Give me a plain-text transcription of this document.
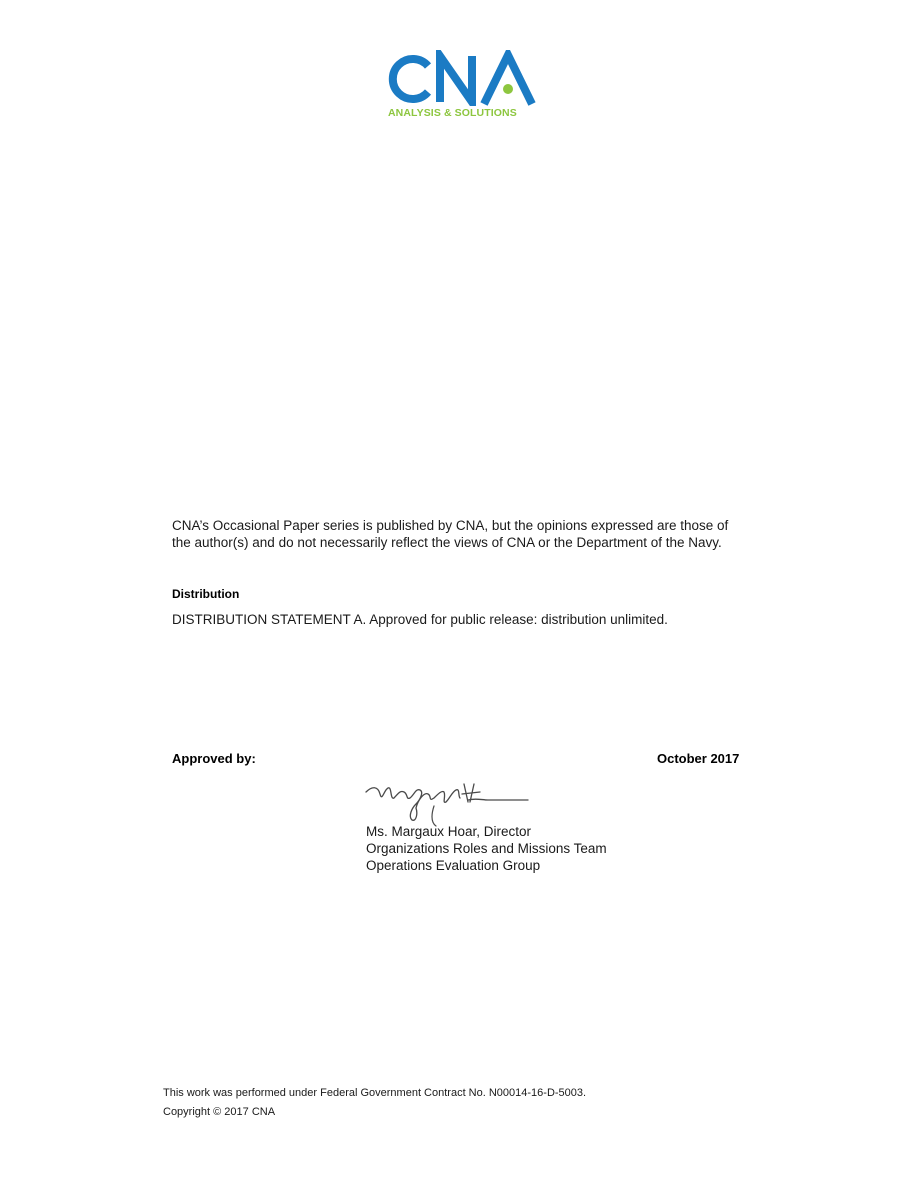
ANALYSIS & SOLUTIONS
CNA’s Occasional Paper series is published by CNA, but the opinions expressed are those of the author(s) and do not necessarily reflect the views of CNA or the Department of the Navy.
Distribution
DISTRIBUTION STATEMENT A. Approved for public release: distribution unlimited.
Approved by:	October 2017
Ms. Margaux Hoar, Director
Organizations Roles and Missions Team
Operations Evaluation Group
This work was performed under Federal Government Contract No. N00014-16-D-5003.
Copyright © 2017 CNA
